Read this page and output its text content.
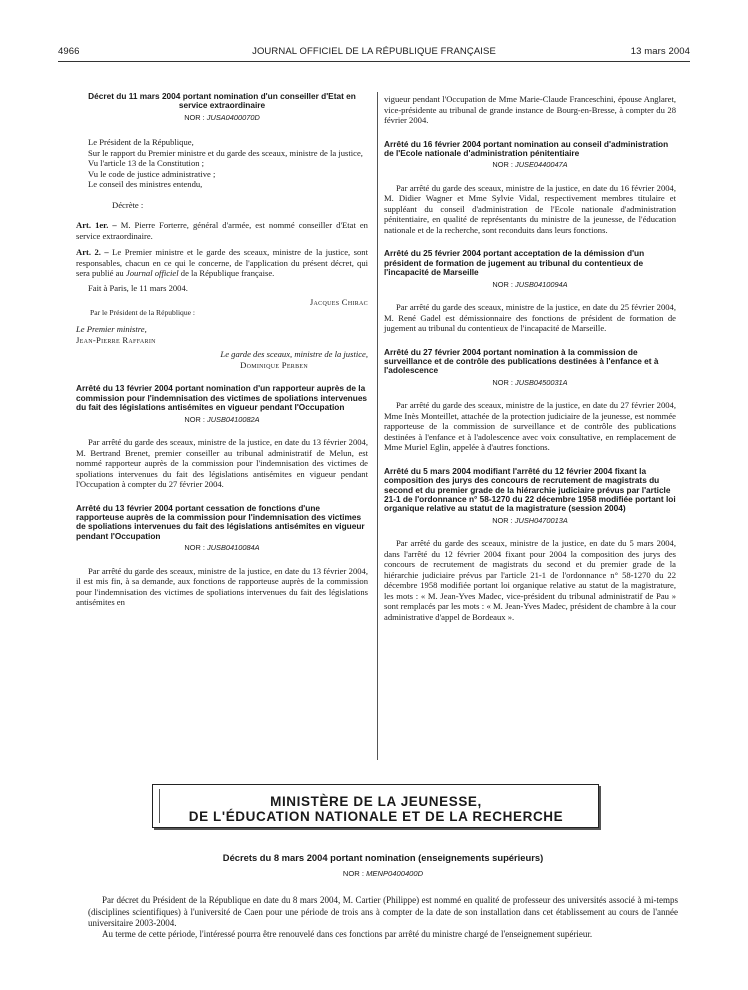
4966	JOURNAL OFFICIEL DE LA RÉPUBLIQUE FRANÇAISE	13 mars 2004
Décret du 11 mars 2004 portant nomination d'un conseiller d'Etat en service extraordinaire
NOR : JUSA0400070D

Le Président de la République,

Sur le rapport du Premier ministre et du garde des sceaux, ministre de la justice,

Vu l'article 13 de la Constitution ;

Vu le code de justice administrative ;

Le conseil des ministres entendu,

Décrète :

Art. 1er. – M. Pierre Forterre, général d'armée, est nommé conseiller d'Etat en service extraordinaire.

Art. 2. – Le Premier ministre et le garde des sceaux, ministre de la justice, sont responsables, chacun en ce qui le concerne, de l'application du présent décret, qui sera publié au Journal officiel de la République française.

Fait à Paris, le 11 mars 2004.

Jacques Chirac
Par le Président de la République :
Le Premier ministre,
Jean-Pierre Raffarin
Le garde des sceaux, ministre de la justice,
Dominique Perben
Arrêté du 13 février 2004 portant nomination d'un rapporteur auprès de la commission pour l'indemnisation des victimes de spoliations intervenues du fait des législations antisémites en vigueur pendant l'Occupation
NOR : JUSB0410082A

Par arrêté du garde des sceaux, ministre de la justice, en date du 13 février 2004, M. Bertrand Brenet, premier conseiller au tribunal administratif de Melun, est nommé rapporteur auprès de la commission pour l'indemnisation des victimes de spoliations intervenues du fait des législations antisémites en vigueur pendant l'Occupation à compter du 27 février 2004.

Arrêté du 13 février 2004 portant cessation de fonctions d'une rapporteuse auprès de la commission pour l'indemnisation des victimes de spoliations intervenues du fait des législations antisémites en vigueur pendant l'Occupation
NOR : JUSB0410084A

Par arrêté du garde des sceaux, ministre de la justice, en date du 13 février 2004, il est mis fin, à sa demande, aux fonctions de rapporteuse auprès de la commission pour l'indemnisation des victimes de spoliations intervenues du fait des législations antisémites en

vigueur pendant l'Occupation de Mme Marie-Claude Franceschini, épouse Anglaret, vice-présidente au tribunal de grande instance de Bourg-en-Bresse, à compter du 28 février 2004.

Arrêté du 16 février 2004 portant nomination au conseil d'administration de l'Ecole nationale d'administration pénitentiaire
NOR : JUSE0440047A

Par arrêté du garde des sceaux, ministre de la justice, en date du 16 février 2004, M. Didier Wagner et Mme Sylvie Vidal, respectivement membres titulaire et suppléant du conseil d'administration de l'Ecole nationale d'administration pénitentiaire, en qualité de représentants du ministre de la jeunesse, de l'éducation nationale et de la recherche, sont reconduits dans leurs fonctions.

Arrêté du 25 février 2004 portant acceptation de la démission d'un président de formation de jugement au tribunal du contentieux de l'incapacité de Marseille
NOR : JUSB0410094A

Par arrêté du garde des sceaux, ministre de la justice, en date du 25 février 2004, M. René Gadel est démissionnaire des fonctions de président de formation de jugement au tribunal du contentieux de l'incapacité de Marseille.

Arrêté du 27 février 2004 portant nomination à la commission de surveillance et de contrôle des publications destinées à l'enfance et à l'adolescence
NOR : JUSB0450031A

Par arrêté du garde des sceaux, ministre de la justice, en date du 27 février 2004, Mme Inès Monteillet, attachée de la protection judiciaire de la jeunesse, est nommée rapporteuse de la commission de surveillance et de contrôle des publications destinées à l'enfance et à l'adolescence avec voix consultative, en remplacement de Mme Muriel Eglin, appelée à d'autres fonctions.

Arrêté du 5 mars 2004 modifiant l'arrêté du 12 février 2004 fixant la composition des jurys des concours de recrutement de magistrats du second et du premier grade de la hiérarchie judiciaire prévus par l'article 21-1 de l'ordonnance n° 58-1270 du 22 décembre 1958 modifiée portant loi organique relative au statut de la magistrature (session 2004)
NOR : JUSH0470013A

Par arrêté du garde des sceaux, ministre de la justice, en date du 5 mars 2004, dans l'arrêté du 12 février 2004 fixant pour 2004 la composition des jurys des concours de recrutement de magistrats du second et du premier grade de la hiérarchie judiciaire prévus par l'article 21-1 de l'ordonnance n° 58-1270 du 22 décembre 1958 modifiée portant loi organique relative au statut de la magistrature, les mots : « M. Jean-Yves Madec, vice-président du tribunal administratif de Pau » sont remplacés par les mots : « M. Jean-Yves Madec, président de chambre à la cour administrative d'appel de Bordeaux ».

MINISTÈRE DE LA JEUNESSE,
DE L'ÉDUCATION NATIONALE ET DE LA RECHERCHE
Décrets du 8 mars 2004 portant nomination (enseignements supérieurs)
NOR : MENP0400400D

Par décret du Président de la République en date du 8 mars 2004, M. Cartier (Philippe) est nommé en qualité de professeur des universités associé à mi-temps (disciplines scientifiques) à l'université de Caen pour une période de trois ans à compter de la date de son installation dans cet établissement au cours de l'année universitaire 2003-2004.

Au terme de cette période, l'intéressé pourra être renouvelé dans ces fonctions par arrêté du ministre chargé de l'enseignement supérieur.
